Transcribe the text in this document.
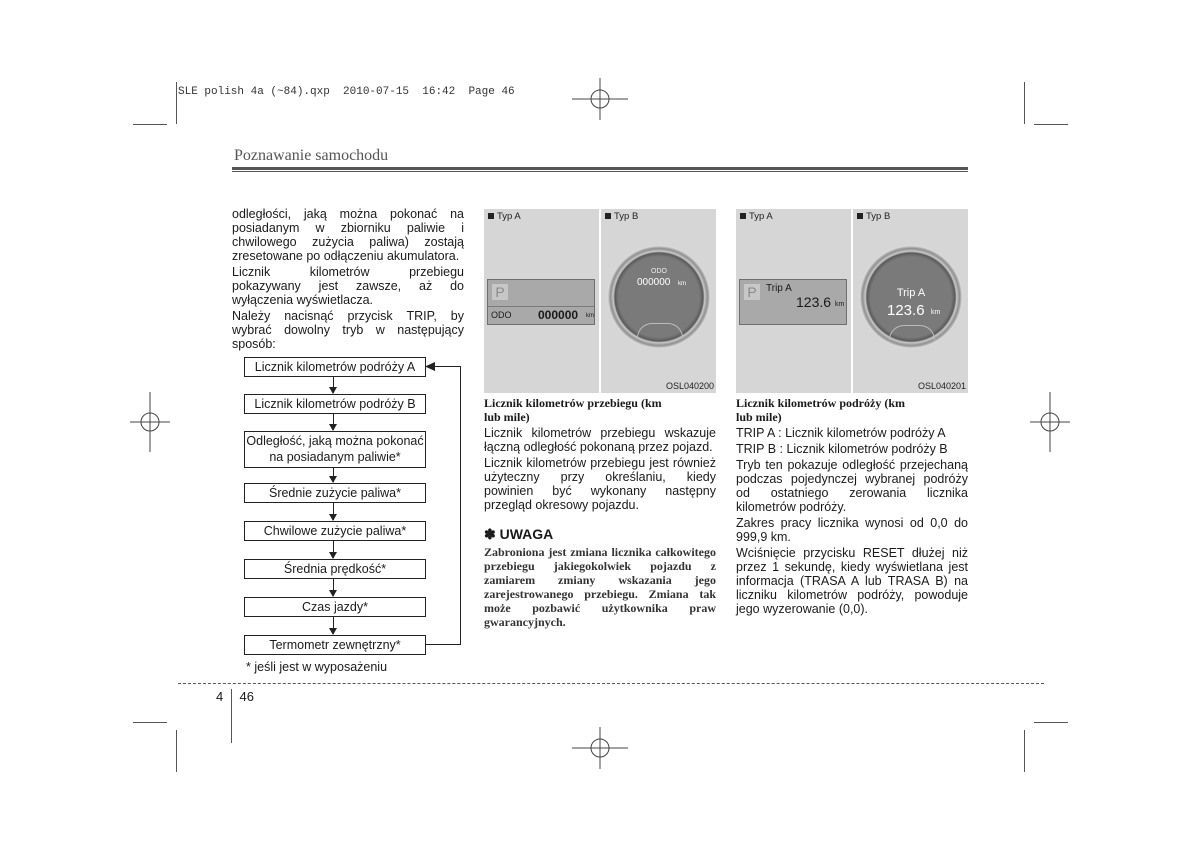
SLE polish 4a (~84).qxp  2010-07-15  16:42  Page 46
Poznawanie samochodu

odległości, jaką można pokonać na posiadanym w zbiorniku paliwie i chwilowego zużycia paliwa) zostają zresetowane po odłączeniu akumulatora.

Licznik kilometrów przebiegu pokazywany jest zawsze, aż do wyłączenia wyświetlacza.

Należy nacisnąć przycisk TRIP, by wybrać dowolny tryb w następujący sposób:

Licznik kilometrów podróży A
Licznik kilometrów podróży B
Odległość, jaką można pokonać na posiadanym paliwie*
Średnie zużycie paliwa*
Chwilowe zużycie paliwa*
Średnia prędkość*
Czas jazdy*
Termometr zewnętrzny*
* jeśli jest w wyposażeniu
Typ A	Typ B
P
ODO 000000 km
ODO
000000 km
OSL040200
Typ A	Typ B
P Trip A
123.6 km
Trip A
123.6 km
OSL040201
Licznik kilometrów przebiegu (km lub mile)

Licznik kilometrów przebiegu wskazuje łączną odległość pokonaną przez pojazd.

Licznik kilometrów przebiegu jest również użyteczny przy określaniu, kiedy powinien być wykonany następny przegląd okresowy pojazdu.

✽ UWAGA
Zabroniona jest zmiana licznika całkowitego przebiegu jakiegokolwiek pojazdu z zamiarem zmiany wskazania jego zarejestrowanego przebiegu. Zmiana tak może pozbawić użytkownika praw gwarancyjnych.
Licznik kilometrów podróży (km lub mile)

TRIP A : Licznik kilometrów podróży A

TRIP B : Licznik kilometrów podróży B

Tryb ten pokazuje odległość przejechaną podczas pojedynczej wybranej podróży od ostatniego zerowania licznika kilometrów podróży.

Zakres pracy licznika wynosi od 0,0 do 999,9 km.

Wciśnięcie przycisku RESET dłużej niż przez 1 sekundę, kiedy wyświetlana jest informacja (TRASA A lub TRASA B) na liczniku kilometrów podróży, powoduje jego wyzerowanie (0,0).

4 46
